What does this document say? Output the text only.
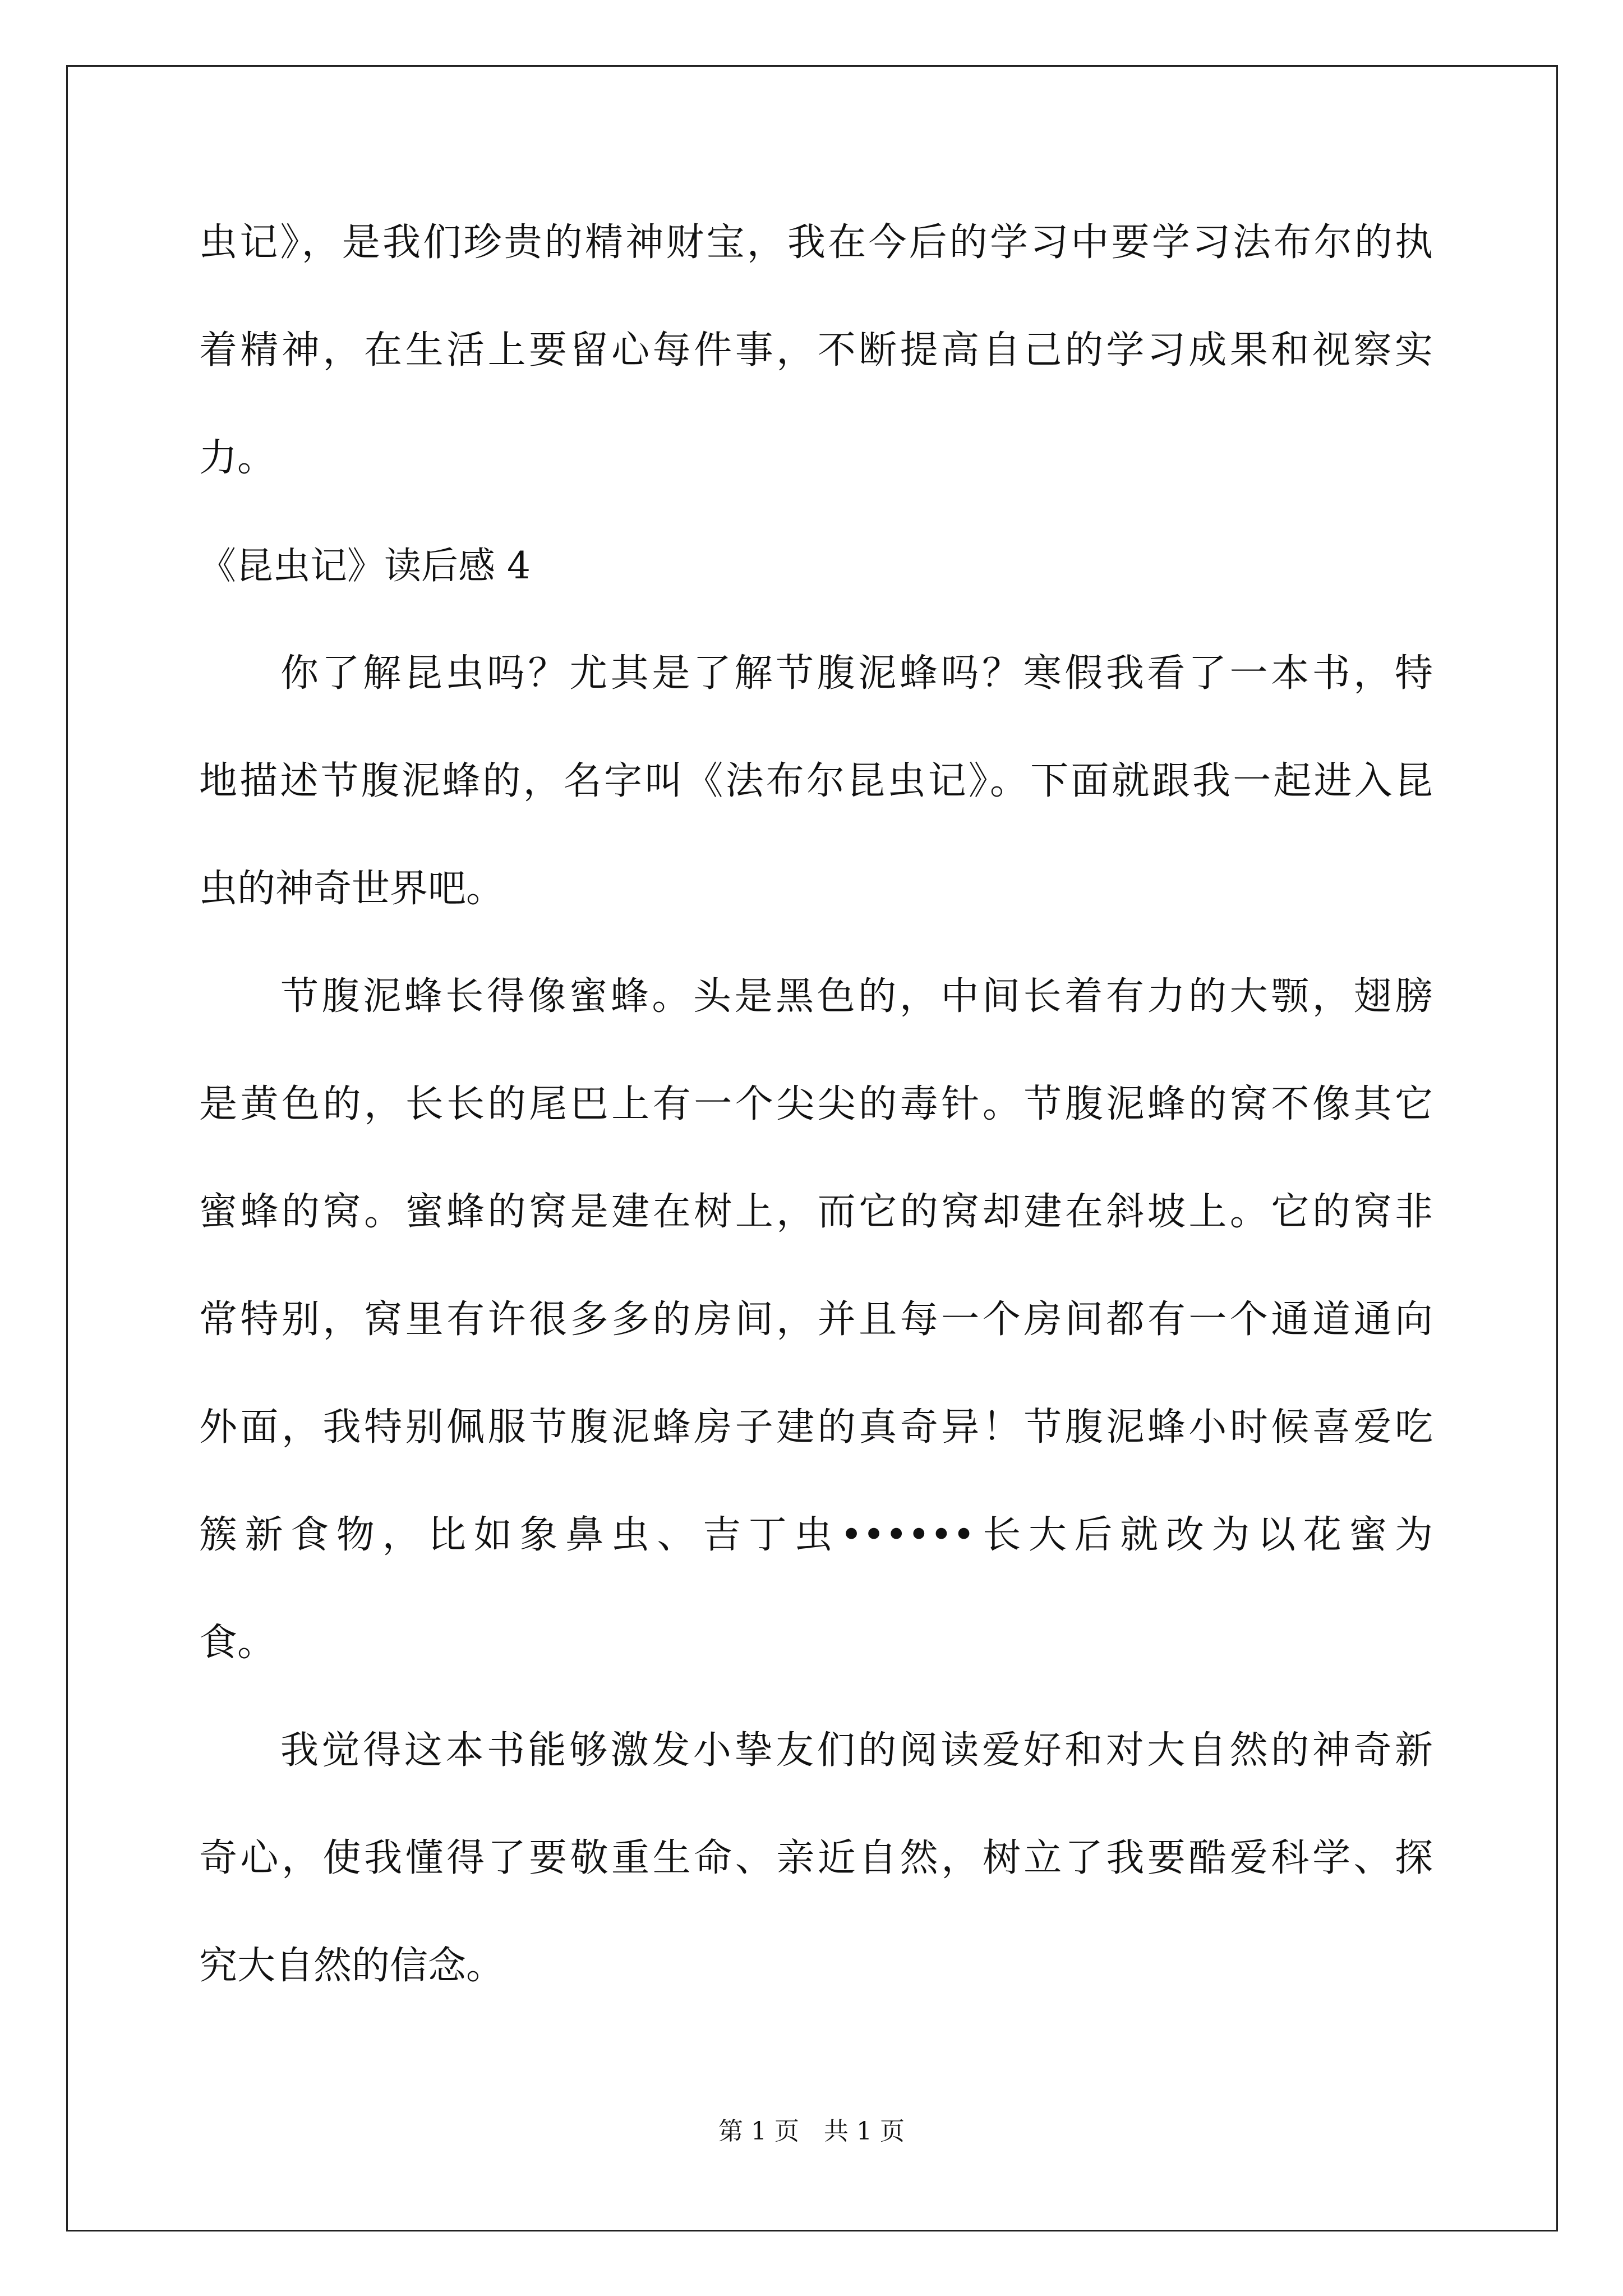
虫记》，是我们珍贵的精神财宝，我在今后的学习中要学习法布尔的执
着精神，在生活上要留心每件事，不断提高自己的学习成果和视察实
力。
《昆虫记》读后感 4
你了解昆虫吗？尤其是了解节腹泥蜂吗？寒假我看了一本书，特
地描述节腹泥蜂的，名字叫《法布尔昆虫记》。下面就跟我一起进入昆
虫的神奇世界吧。
节腹泥蜂长得像蜜蜂。头是黑色的，中间长着有力的大颚，翅膀
是黄色的，长长的尾巴上有一个尖尖的毒针。节腹泥蜂的窝不像其它
蜜蜂的窝。蜜蜂的窝是建在树上，而它的窝却建在斜坡上。它的窝非
常特别，窝里有许很多多的房间，并且每一个房间都有一个通道通向
外面，我特别佩服节腹泥蜂房子建的真奇异！节腹泥蜂小时候喜爱吃
簇新食物，比如象鼻虫、吉丁虫••••••长大后就改为以花蜜为
食。
我觉得这本书能够激发小挚友们的阅读爱好和对大自然的神奇新
奇心，使我懂得了要敬重生命、亲近自然，树立了我要酷爱科学、探
究大自然的信念。
第 1 页　共 1 页
